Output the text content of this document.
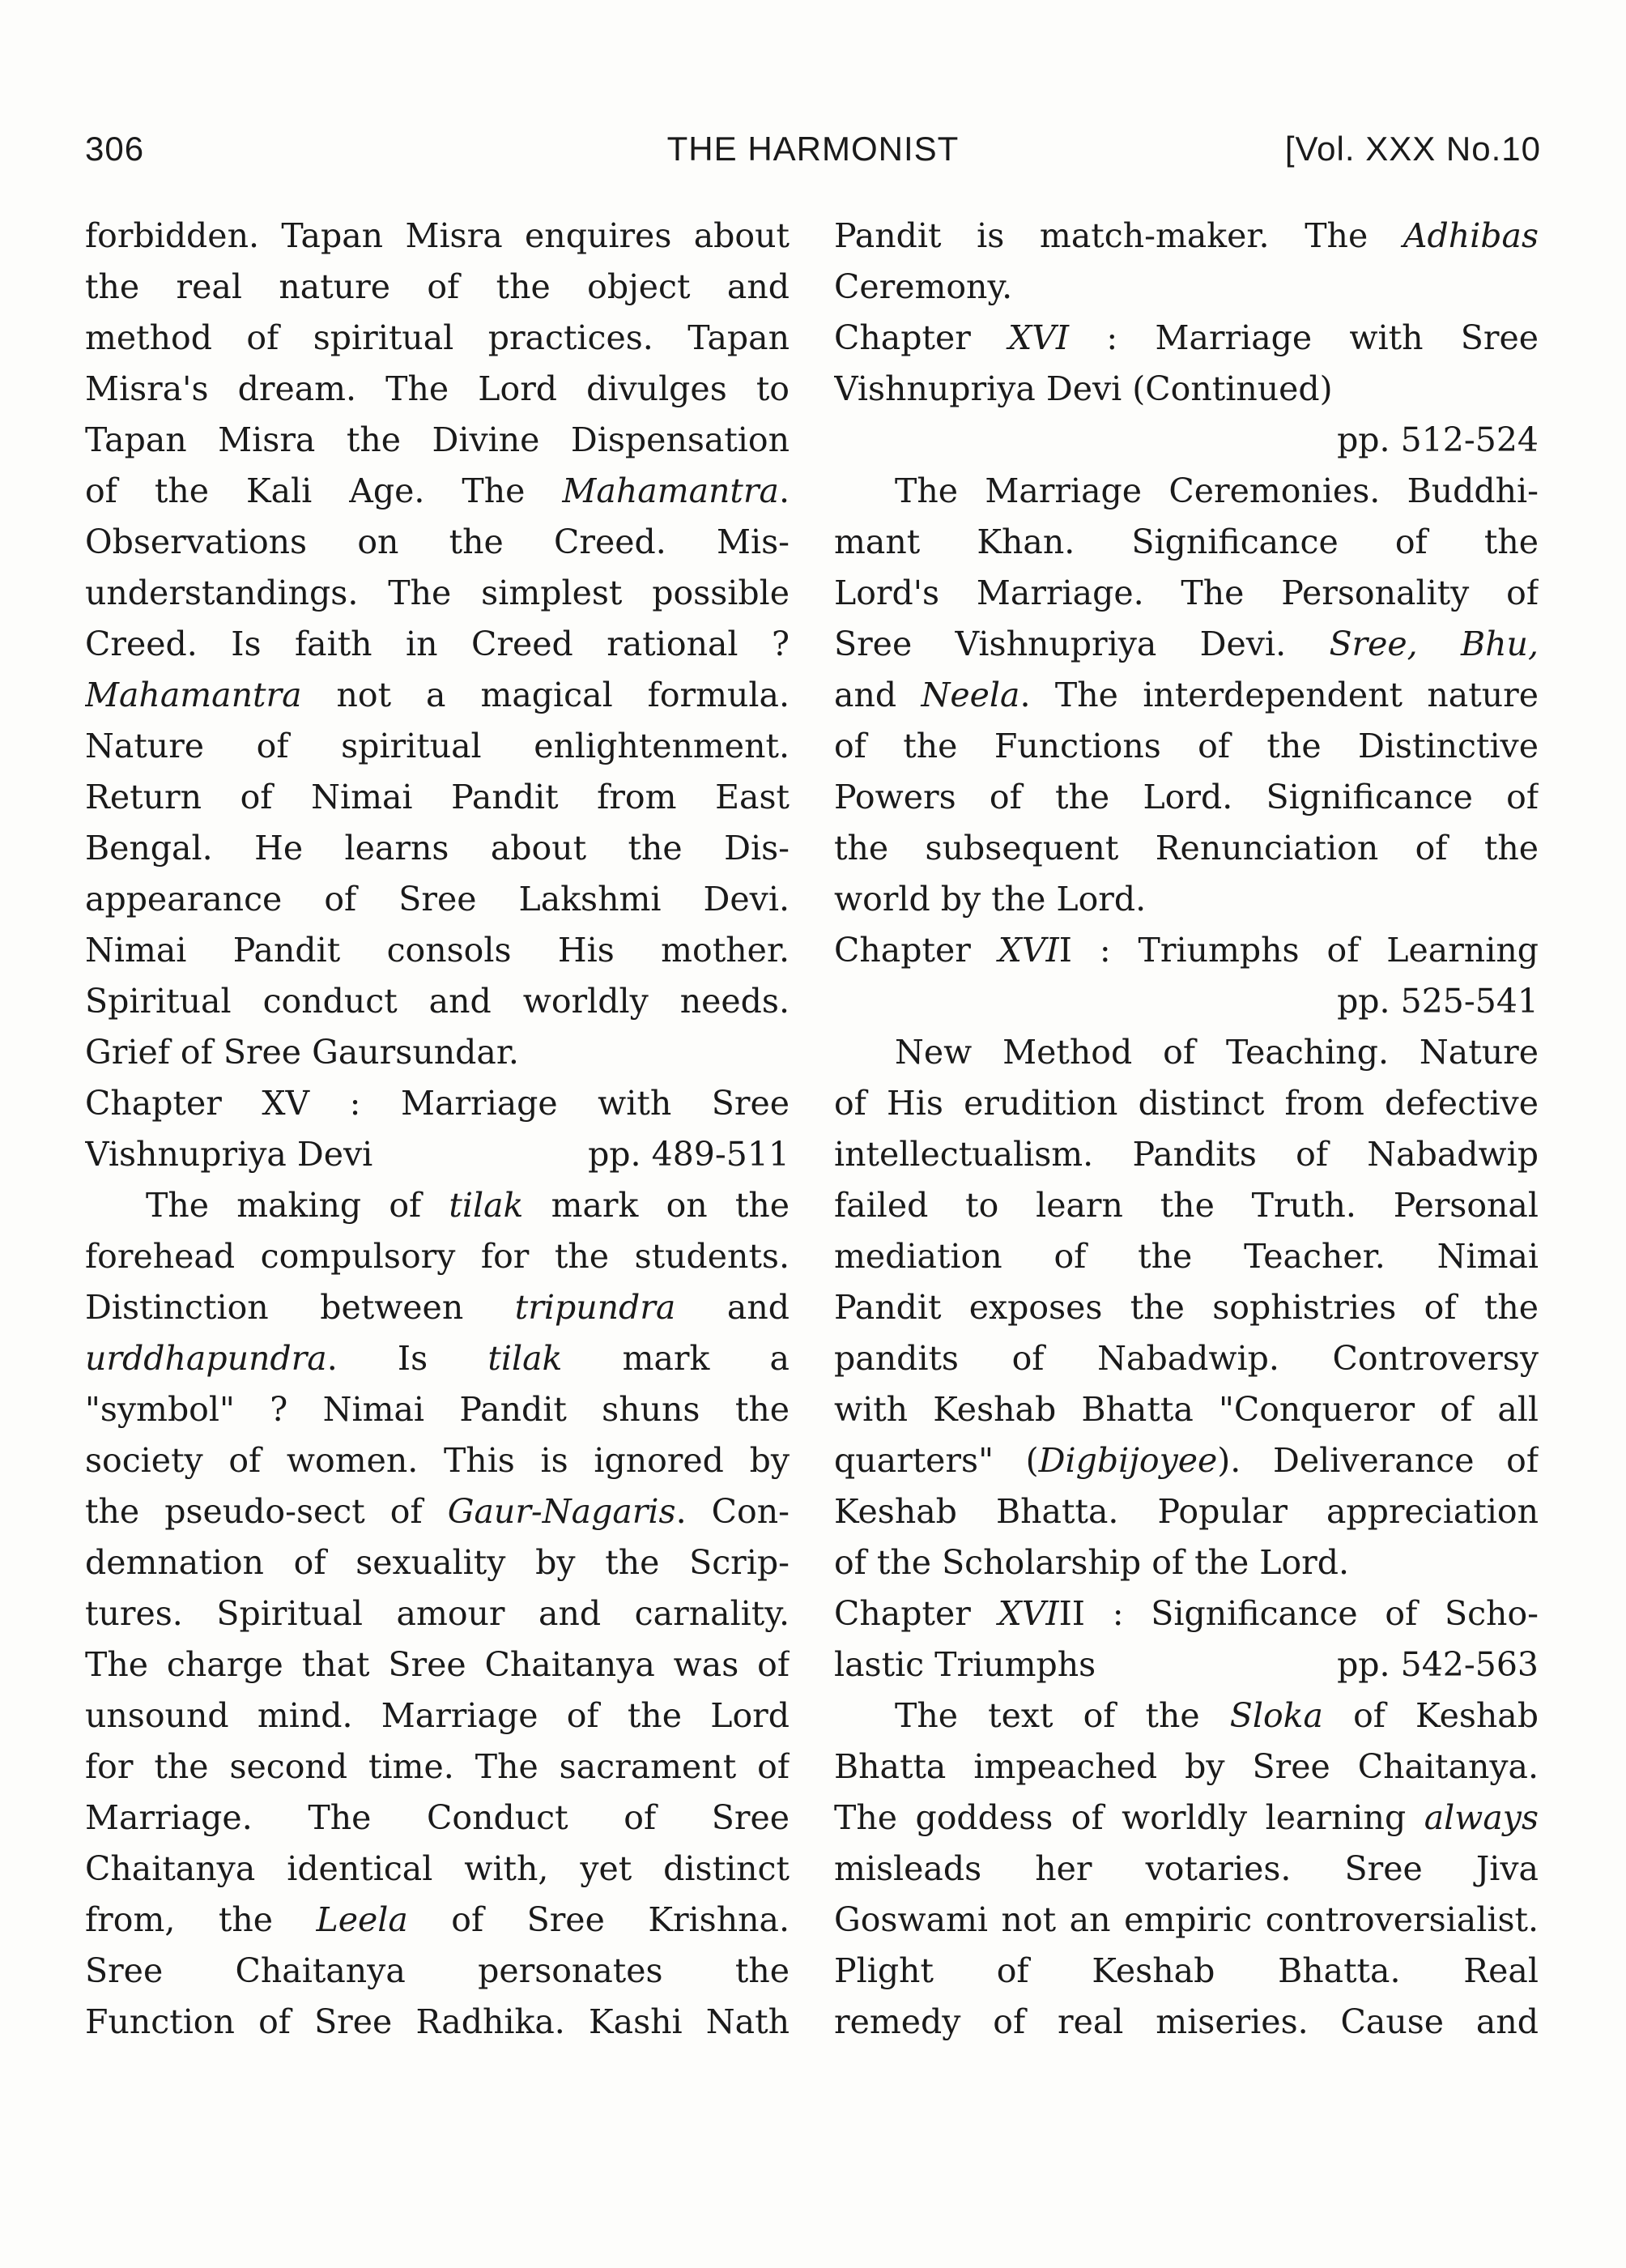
306	THE HARMONIST	[Vol. XXX No.10
forbidden. Tapan Misra enquires about
the real nature of the object and
method of spiritual practices. Tapan
Misra's dream. The Lord divulges to
Tapan Misra the Divine Dispensation
of the Kali Age. The Mahamantra.
Observations on the Creed. Mis-
understandings. The simplest possible
Creed. Is faith in Creed rational ?
Mahamantra not a magical formula.
Nature of spiritual enlightenment.
Return of Nimai Pandit from East
Bengal. He learns about the Dis-
appearance of Sree Lakshmi Devi.
Nimai Pandit consols His mother.
Spiritual conduct and worldly needs.
Grief of Sree Gaursundar.
Chapter XV : Marriage with Sree
Vishnupriya Devi	pp. 489-511
The making of tilak mark on the
forehead compulsory for the students.
Distinction between tripundra and
urddhapundra. Is tilak mark a
"symbol" ? Nimai Pandit shuns the
society of women. This is ignored by
the pseudo-sect of Gaur-Nagaris. Con-
demnation of sexuality by the Scrip-
tures. Spiritual amour and carnality.
The charge that Sree Chaitanya was of
unsound mind. Marriage of the Lord
for the second time. The sacrament of
Marriage. The Conduct of Sree
Chaitanya identical with, yet distinct
from, the Leela of Sree Krishna.
Sree Chaitanya personates the
Function of Sree Radhika. Kashi Nath
Pandit is match-maker. The Adhibas
Ceremony.
Chapter XVI : Marriage with Sree
Vishnupriya Devi (Continued)
pp. 512-524
The Marriage Ceremonies. Buddhi-
mant Khan. Significance of the
Lord's Marriage. The Personality of
Sree Vishnupriya Devi. Sree, Bhu,
and Neela. The interdependent nature
of the Functions of the Distinctive
Powers of the Lord. Significance of
the subsequent Renunciation of the
world by the Lord.
Chapter XVII : Triumphs of Learning
pp. 525-541
New Method of Teaching. Nature
of His erudition distinct from defective
intellectualism. Pandits of Nabadwip
failed to learn the Truth. Personal
mediation of the Teacher. Nimai
Pandit exposes the sophistries of the
pandits of Nabadwip. Controversy
with Keshab Bhatta "Conqueror of all
quarters" (Digbijoyee). Deliverance of
Keshab Bhatta. Popular appreciation
of the Scholarship of the Lord.
Chapter XVIII : Significance of Scho-
lastic Triumphs	pp. 542-563
The text of the Sloka of Keshab
Bhatta impeached by Sree Chaitanya.
The goddess of worldly learning always
misleads her votaries. Sree Jiva
Goswami not an empiric controversialist.
Plight of Keshab Bhatta. Real
remedy of real miseries. Cause and
